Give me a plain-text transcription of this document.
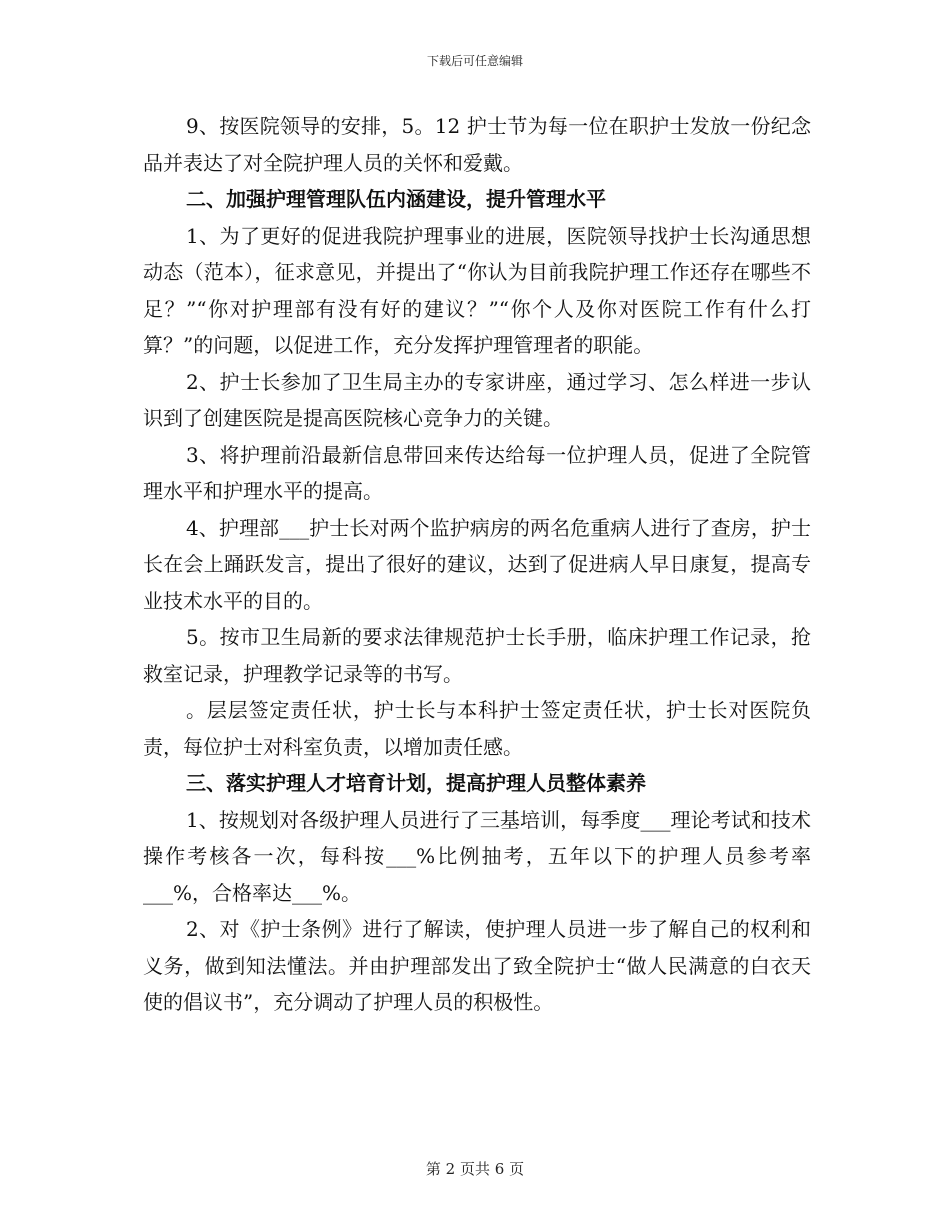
下载后可任意编辑

9、按医院领导的安排，5。12 护士节为每一位在职护士发放一份纪念品并表达了对全院护理人员的关怀和爱戴。

二、加强护理管理队伍内涵建设，提升管理水平

1、为了更好的促进我院护理事业的进展，医院领导找护士长沟通思想动态（范本），征求意见，并提出了“你认为目前我院护理工作还存在哪些不足？”“你对护理部有没有好的建议？”“你个人及你对医院工作有什么打算？”的问题，以促进工作，充分发挥护理管理者的职能。

2、护士长参加了卫生局主办的专家讲座，通过学习、怎么样进一步认识到了创建医院是提高医院核心竞争力的关键。

3、将护理前沿最新信息带回来传达给每一位护理人员，促进了全院管理水平和护理水平的提高。

4、护理部___护士长对两个监护病房的两名危重病人进行了查房，护士长在会上踊跃发言，提出了很好的建议，达到了促进病人早日康复，提高专业技术水平的目的。

5。按市卫生局新的要求法律规范护士长手册，临床护理工作记录，抢救室记录，护理教学记录等的书写。

。层层签定责任状，护士长与本科护士签定责任状，护士长对医院负责，每位护士对科室负责，以增加责任感。

三、落实护理人才培育计划，提高护理人员整体素养

1、按规划对各级护理人员进行了三基培训，每季度___理论考试和技术操作考核各一次，每科按___%比例抽考，五年以下的护理人员参考率___%，合格率达___%。

2、对《护士条例》进行了解读，使护理人员进一步了解自己的权利和义务，做到知法懂法。并由护理部发出了致全院护士“做人民满意的白衣天使的倡议书”，充分调动了护理人员的积极性。

第 2 页共 6 页
